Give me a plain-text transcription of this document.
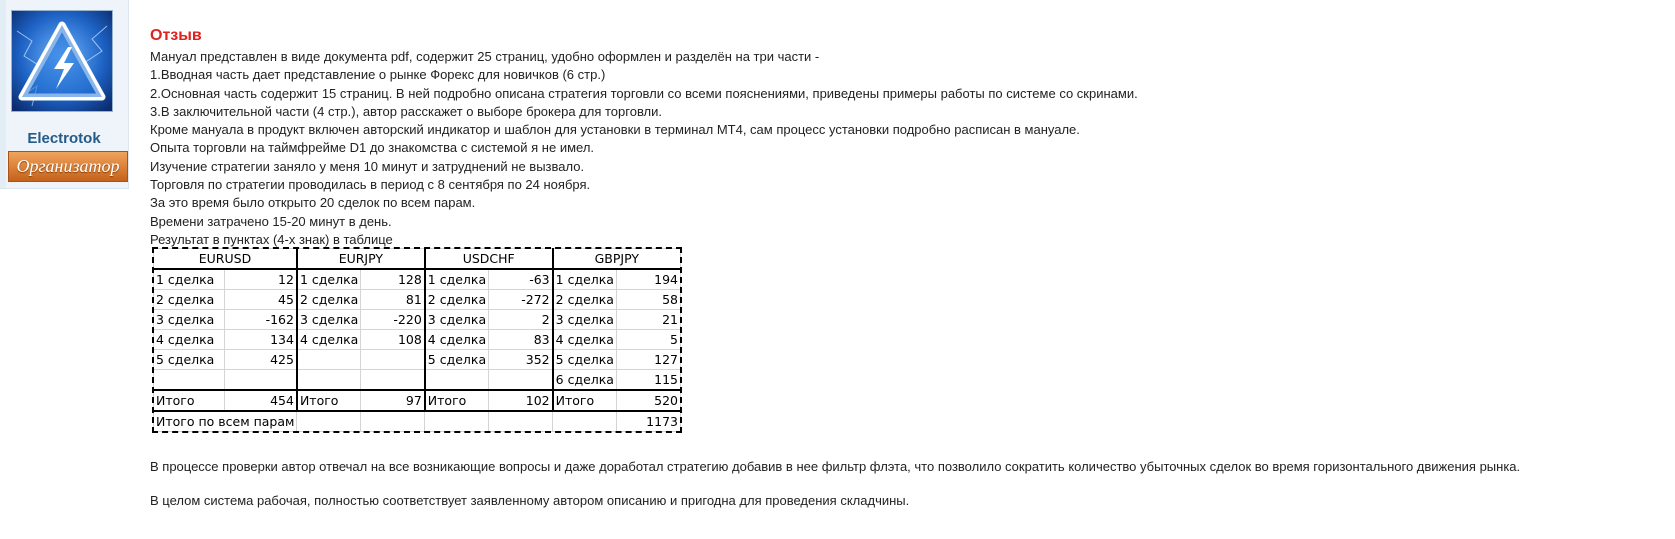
Electrotok
Организатор
Отзыв
Мануал представлен в виде документа pdf, содержит 25 страниц, удобно оформлен и разделён на три части -
1.Вводная часть дает представление о рынке Форекс для новичков (6 стр.)
2.Основная часть содержит 15 страниц. В ней подробно описана стратегия торговли со всеми пояснениями, приведены примеры работы по системе со скринами.
3.В заключительной части (4 стр.), автор расскажет о выборе брокера для торговли.
Кроме мануала в продукт включен авторский индикатор и шаблон для установки в терминал МТ4, сам процесс установки подробно расписан в мануале.
Опыта торговли на таймфрейме D1 до знакомства с системой я не имел.
Изучение стратегии заняло у меня 10 минут и затруднений не вызвало.
Торговля по стратегии проводилась в период с 8 сентября по 24 ноября.
За это время было открыто 20 сделок по всем парам.
Времени затрачено 15-20 минут в день.
Результат в пунктах (4-х знак) в таблице
EURUSD		EURJPY		USDCHF		GBPJPY	
1 сделка	12	1 сделка	128	1 сделка	-63	1 сделка	194
2 сделка	45	2 сделка	81	2 сделка	-272	2 сделка	58
3 сделка	-162	3 сделка	-220	3 сделка	2	3 сделка	21
4 сделка	134	4 сделка	108	4 сделка	83	4 сделка	5
5 сделка	425			5 сделка	352	5 сделка	127
						6 сделка	115
Итого	454	Итого	97	Итого	102	Итого	520
Итого по всем парам							1173
В процессе проверки автор отвечал на все возникающие вопросы и даже доработал стратегию добавив в нее фильтр флэта, что позволило сократить количество убыточных сделок во время горизонтального движения рынка.
В целом система рабочая, полностью соответствует заявленному автором описанию и пригодна для проведения складчины.
